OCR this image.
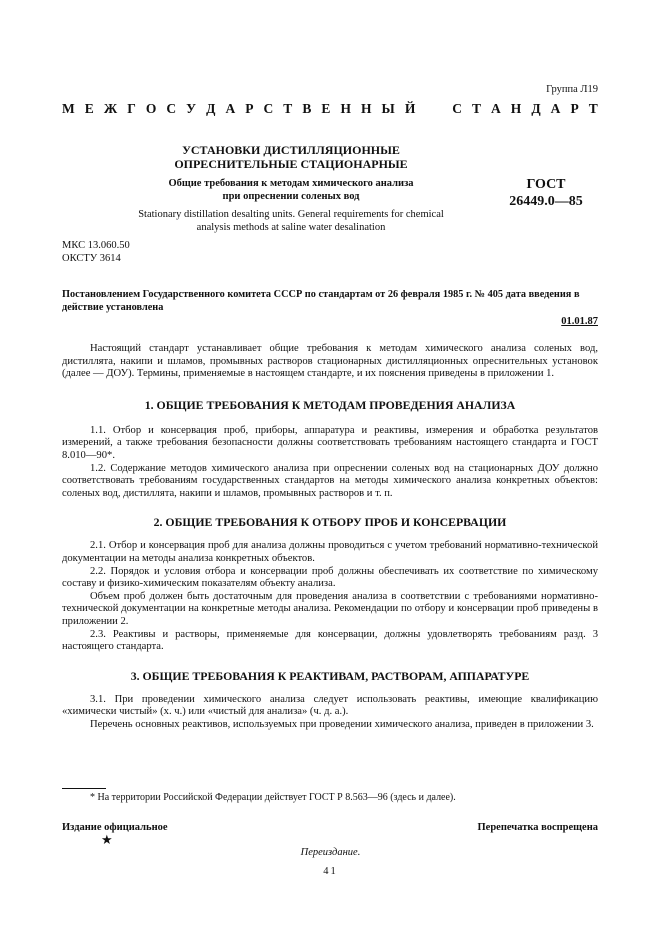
Группа Л19
М Е Ж Г О С У Д А Р С Т В Е Н Н Ы Й

	С Т А Н Д А Р Т
УСТАНОВКИ ДИСТИЛЛЯЦИОННЫЕ
ОПРЕСНИТЕЛЬНЫЕ СТАЦИОНАРНЫЕ
Общие требования к методам химического анализа
при опреснении соленых вод
Stationary distillation desalting units. General requirements for chemical
analysis methods at saline water desalination
ГОСТ
26449.0—85
МКС 13.060.50
ОКСТУ 3614
Постановлением Государственного комитета СССР по стандартам от 26 февраля 1985 г. № 405 дата введения в действие установлена
01.01.87

Настоящий стандарт устанавливает общие требования к методам химического анализа соленых вод, дистиллята, накипи и шламов, промывных растворов стационарных дистилляционных опреснительных установок (далее — ДОУ). Термины, применяемые в настоящем стандарте, и их пояснения приведены в приложении 1.

1. ОБЩИЕ ТРЕБОВАНИЯ К МЕТОДАМ ПРОВЕДЕНИЯ АНАЛИЗА

1.1. Отбор и консервация проб, приборы, аппаратура и реактивы, измерения и обработка результатов измерений, а также требования безопасности должны соответствовать требованиям настоящего стандарта и ГОСТ 8.010—90*.

1.2. Содержание методов химического анализа при опреснении соленых вод на стационарных ДОУ должно соответствовать требованиям государственных стандартов на методы химического анализа конкретных объектов: соленых вод, дистиллята, накипи и шламов, промывных растворов и т. п.

2. ОБЩИЕ ТРЕБОВАНИЯ К ОТБОРУ ПРОБ И КОНСЕРВАЦИИ

2.1. Отбор и консервация проб для анализа должны проводиться с учетом требований нормативно-технической документации на методы анализа конкретных объектов.

2.2. Порядок и условия отбора и консервации проб должны обеспечивать их соответствие по химическому составу и физико-химическим показателям объекту анализа.

Объем проб должен быть достаточным для проведения анализа в соответствии с требованиями нормативно-технической документации на конкретные методы анализа. Рекомендации по отбору и консервации проб приведены в приложении 2.

2.3. Реактивы и растворы, применяемые для консервации, должны удовлетворять требованиям разд. 3 настоящего стандарта.

3. ОБЩИЕ ТРЕБОВАНИЯ К РЕАКТИВАМ, РАСТВОРАМ, АППАРАТУРЕ

3.1. При проведении химического анализа следует использовать реактивы, имеющие квалификацию «химически чистый» (х. ч.) или «чистый для анализа» (ч. д. а.).

Перечень основных реактивов, используемых при проведении химического анализа, приведен в приложении 3.

* На территории Российской Федерации действует ГОСТ Р 8.563—96 (здесь и далее).
Издание официальное	Перепечатка воспрещена
★
Переиздание.
41
